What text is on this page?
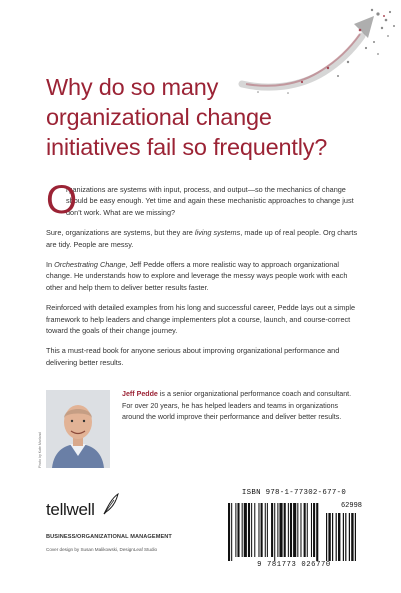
Why do so many
organizational change
initiatives fail so frequently?

O
rganizations are systems with input, process, and output—so the mechanics of change should be easy enough. Yet time and again these mechanistic approaches to change just don’t work. What are we missing?

Sure, organizations are systems, but they are living systems, made up of real people. Org charts are tidy. People are messy.

In Orchestrating Change, Jeff Pedde offers a more realistic way to approach organizational change. He understands how to explore and leverage the messy ways people work with each other and help them to deliver better results faster.

Reinforced with detailed examples from his long and successful career, Pedde lays out a simple framework to help leaders and change implementers plot a course, launch, and course-correct toward the goals of their change journey.

This a must-read book for anyone serious about improving organizational performance and delivering better results.

Photo by Kate Marland
Jeff Pedde is a senior organizational performance coach and consultant. For over 20 years, he has helped leaders and teams in organizations around the world improve their performance and deliver better results.
tellwell
BUSINESS/ORGANIZATIONAL MANAGEMENT
Cover design by Susan Malikowski, DesignLeaf Studio
ISBN 978-1-77302-677-0
62998
9 781773 026770
